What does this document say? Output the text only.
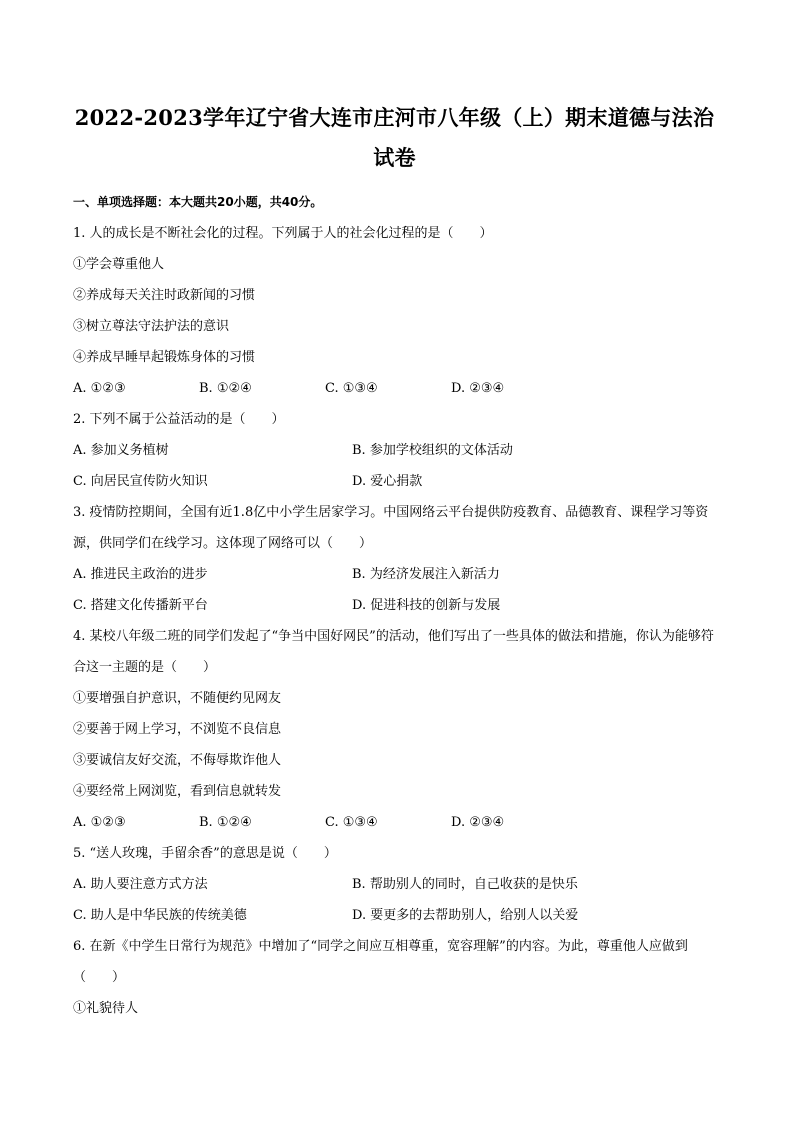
2022-2023学年辽宁省大连市庄河市八年级（上）期末道德与法治试卷
一、单项选择题：本大题共20小题，共40分。
1. 人的成长是不断社会化的过程。下列属于人的社会化过程的是（　　）
①学会尊重他人
②养成每天关注时政新闻的习惯
③树立尊法守法护法的意识
④养成早睡早起锻炼身体的习惯
A. ①②③	B. ①②④	C. ①③④	D. ②③④
2. 下列不属于公益活动的是（　　）
A. 参加义务植树	B. 参加学校组织的文体活动
C. 向居民宣传防火知识	D. 爱心捐款
3. 疫情防控期间，全国有近1.8亿中小学生居家学习。中国网络云平台提供防疫教育、品德教育、课程学习等资源，供同学们在线学习。这体现了网络可以（　　）
A. 推进民主政治的进步	B. 为经济发展注入新活力
C. 搭建文化传播新平台	D. 促进科技的创新与发展
4. 某校八年级二班的同学们发起了“争当中国好网民”的活动，他们写出了一些具体的做法和措施，你认为能够符合这一主题的是（　　）
①要增强自护意识，不随便约见网友
②要善于网上学习，不浏览不良信息
③要诚信友好交流，不侮辱欺诈他人
④要经常上网浏览，看到信息就转发
A. ①②③	B. ①②④	C. ①③④	D. ②③④
5. “送人玫瑰，手留余香”的意思是说（　　）
A. 助人要注意方式方法	B. 帮助别人的同时，自己收获的是快乐
C. 助人是中华民族的传统美德	D. 要更多的去帮助别人，给别人以关爱
6. 在新《中学生日常行为规范》中增加了“同学之间应互相尊重，宽容理解”的内容。为此，尊重他人应做到（　　）
①礼貌待人
